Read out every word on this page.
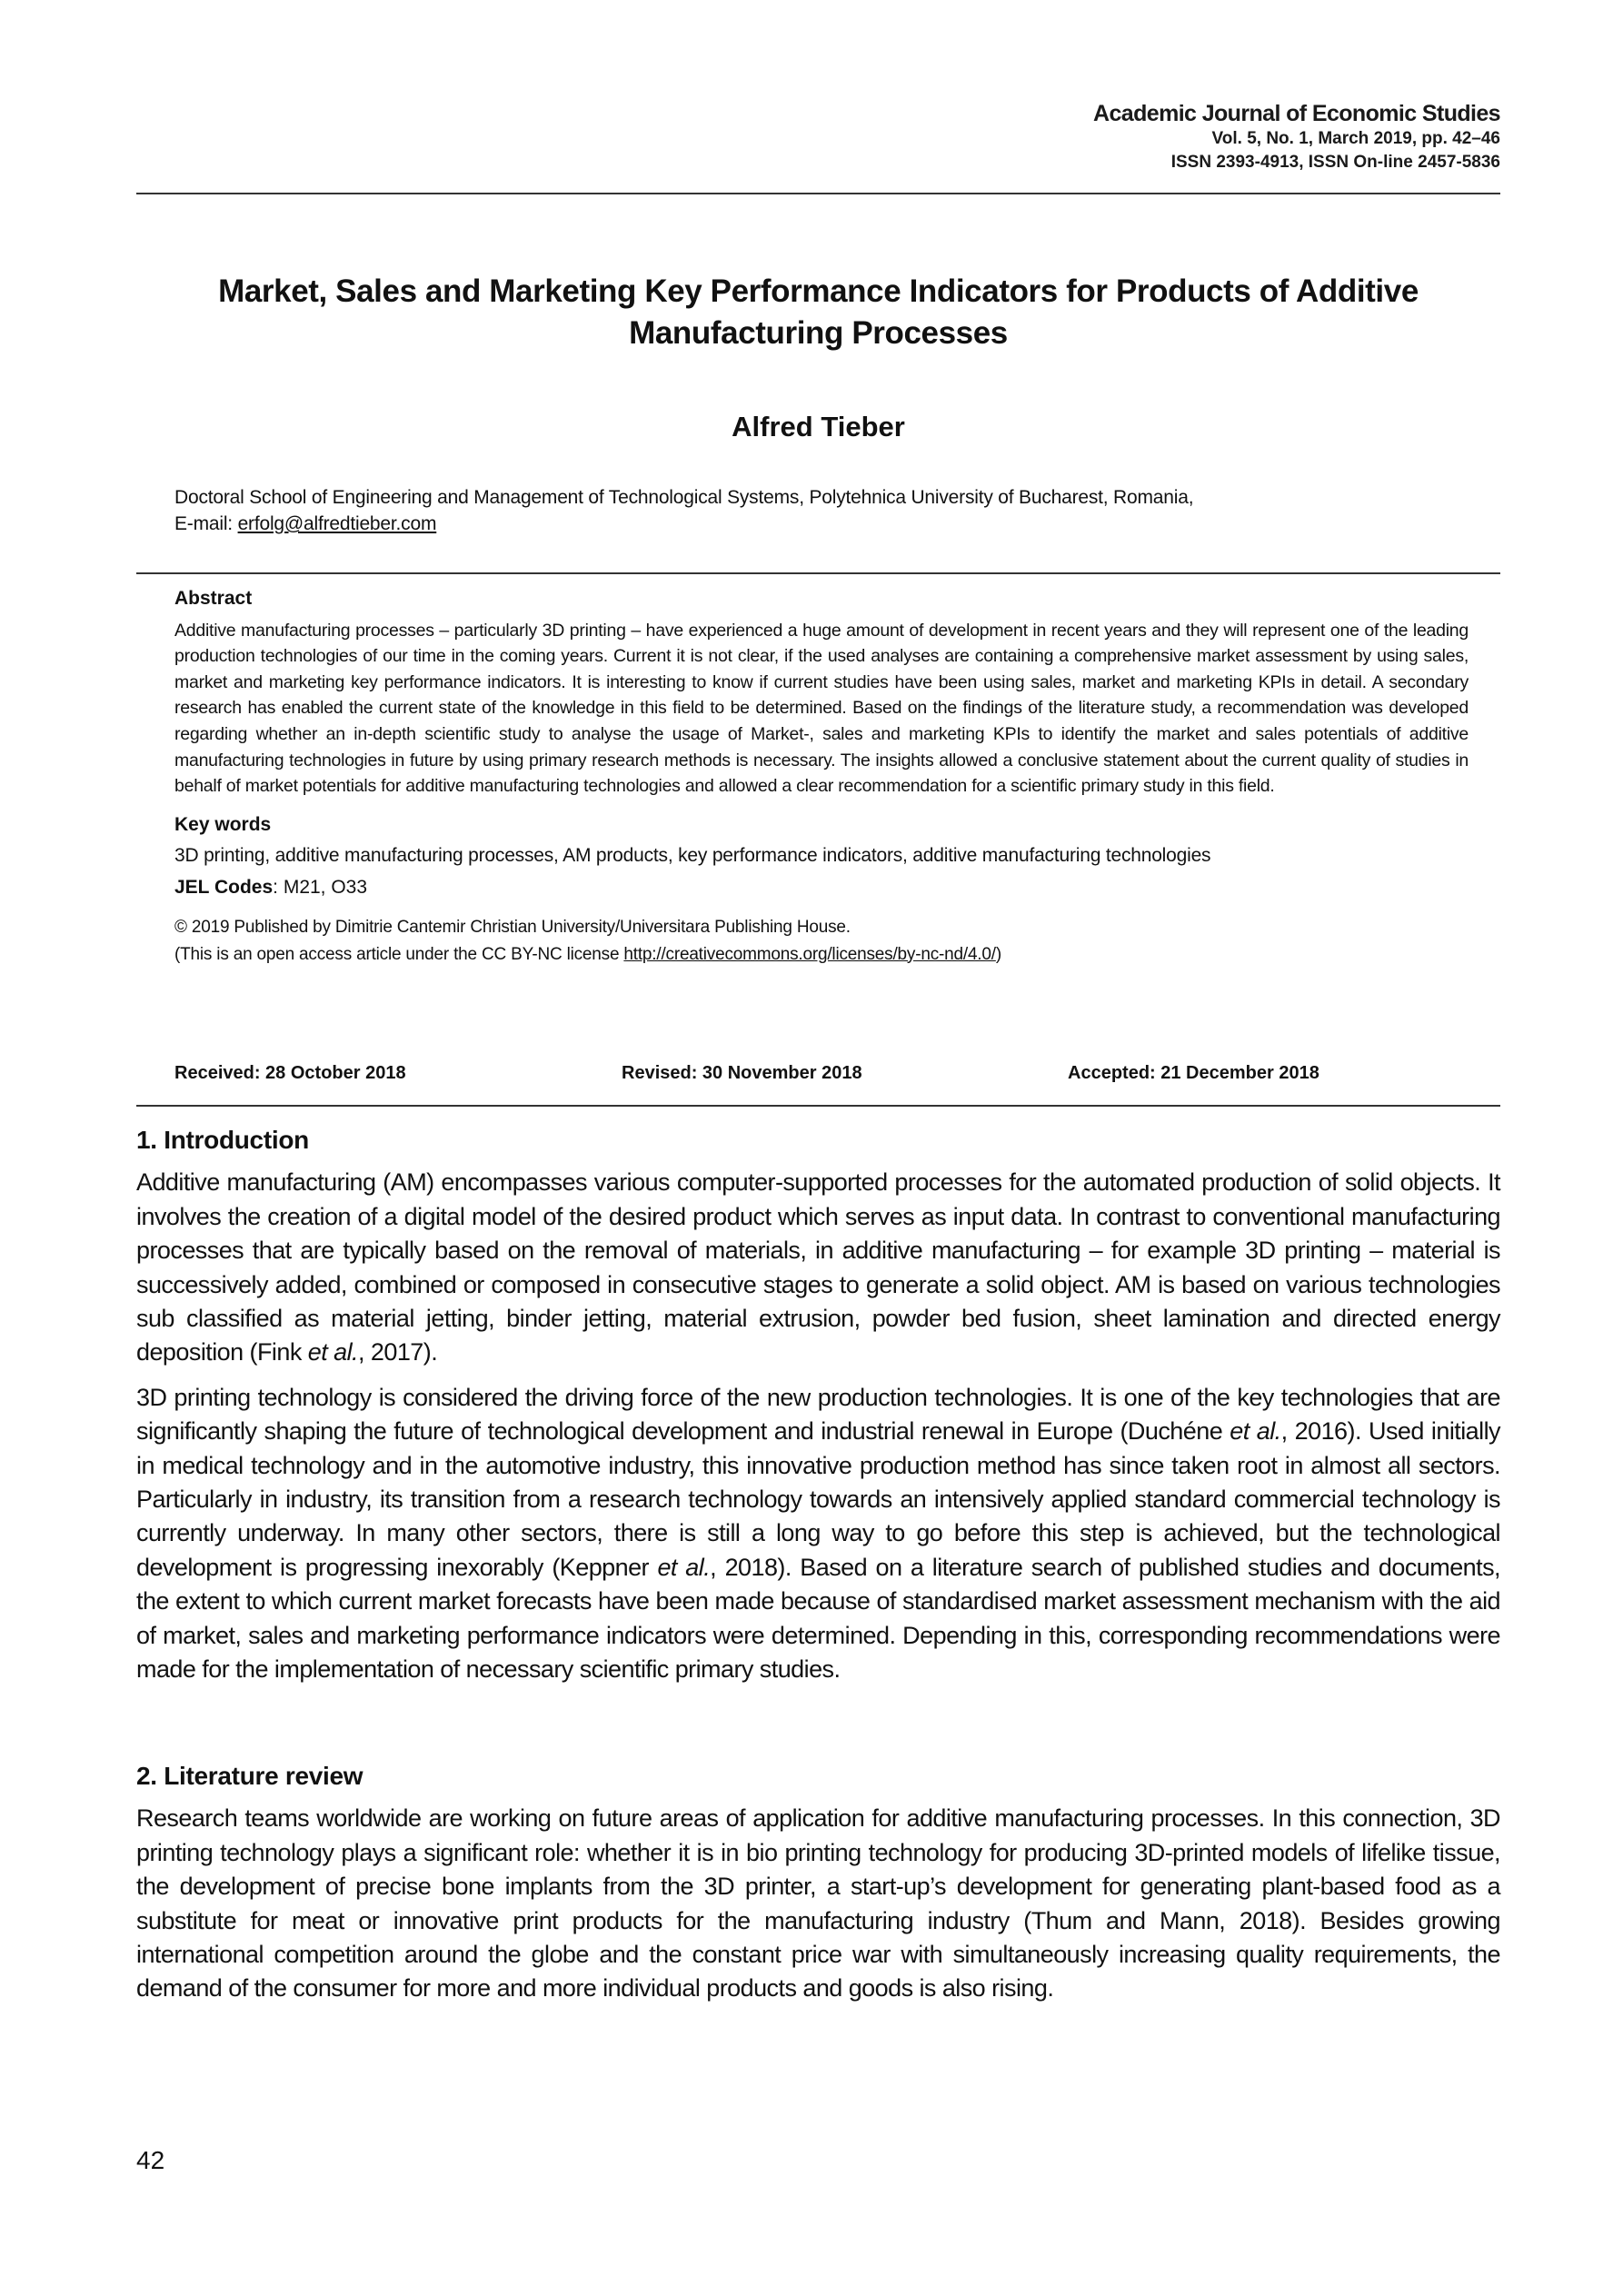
Academic Journal of Economic Studies
Vol. 5, No. 1, March 2019, pp. 42–46
ISSN 2393-4913, ISSN On-line 2457-5836
Market, Sales and Marketing Key Performance Indicators for Products of Additive
Manufacturing Processes
Alfred Tieber
Doctoral School of Engineering and Management of Technological Systems, Polytehnica University of Bucharest, Romania,
E-mail: erfolg@alfredtieber.com
Abstract

Additive manufacturing processes – particularly 3D printing – have experienced a huge amount of development in recent years and they will represent one of the leading production technologies of our time in the coming years. Current it is not clear, if the used analyses are containing a comprehensive market assessment by using sales, market and marketing key performance indicators. It is interesting to know if current studies have been using sales, market and marketing KPIs in detail. A secondary research has enabled the current state of the knowledge in this field to be determined. Based on the findings of the literature study, a recommendation was developed regarding whether an in-depth scientific study to analyse the usage of Market-, sales and marketing KPIs to identify the market and sales potentials of additive manufacturing technologies in future by using primary research methods is necessary. The insights allowed a conclusive statement about the current quality of studies in behalf of market potentials for additive manufacturing technologies and allowed a clear recommendation for a scientific primary study in this field.

Key words

3D printing, additive manufacturing processes, AM products, key performance indicators, additive manufacturing technologies

JEL Codes: M21, O33

© 2019 Published by Dimitrie Cantemir Christian University/Universitara Publishing House.

(This is an open access article under the CC BY-NC license http://creativecommons.org/licenses/by-nc-nd/4.0/)

Received: 28 October 2018	Revised: 30 November 2018	Accepted: 21 December 2018
1. Introduction

Additive manufacturing (AM) encompasses various computer-supported processes for the automated production of solid objects. It involves the creation of a digital model of the desired product which serves as input data. In contrast to conventional manufacturing processes that are typically based on the removal of materials, in additive manufacturing – for example 3D printing – material is successively added, combined or composed in consecutive stages to generate a solid object. AM is based on various technologies sub classified as material jetting, binder jetting, material extrusion, powder bed fusion, sheet lamination and directed energy deposition (Fink et al., 2017).

3D printing technology is considered the driving force of the new production technologies. It is one of the key technologies that are significantly shaping the future of technological development and industrial renewal in Europe (Duchéne et al., 2016). Used initially in medical technology and in the automotive industry, this innovative production method has since taken root in almost all sectors. Particularly in industry, its transition from a research technology towards an intensively applied standard commercial technology is currently underway. In many other sectors, there is still a long way to go before this step is achieved, but the technological development is progressing inexorably (Keppner et al., 2018). Based on a literature search of published studies and documents, the extent to which current market forecasts have been made because of standardised market assessment mechanism with the aid of market, sales and marketing performance indicators were determined. Depending in this, corresponding recommendations were made for the implementation of necessary scientific primary studies.

2. Literature review

Research teams worldwide are working on future areas of application for additive manufacturing processes. In this connection, 3D printing technology plays a significant role: whether it is in bio printing technology for producing 3D-printed models of lifelike tissue, the development of precise bone implants from the 3D printer, a start-up’s development for generating plant-based food as a substitute for meat or innovative print products for the manufacturing industry (Thum and Mann, 2018). Besides growing international competition around the globe and the constant price war with simultaneously increasing quality requirements, the demand of the consumer for more and more individual products and goods is also rising.

42
